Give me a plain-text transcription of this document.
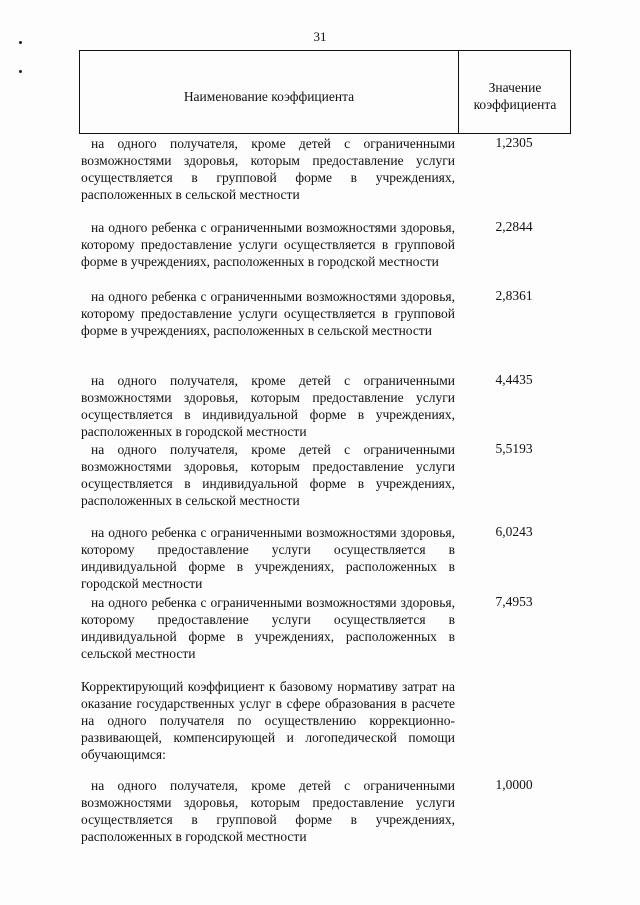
31
Наименование коэффициента
Значение коэффициента
на одного получателя, кроме детей с ограниченными возможностями здоровья, которым предоставление услуги осуществляется в групповой форме в учреждениях, расположенных в сельской местности
1,2305
на одного ребенка с ограниченными возможностями здоровья, которому предоставление услуги осуществляется в групповой форме в учреждениях, расположенных в городской местности
2,2844
на одного ребенка с ограниченными возможностями здоровья, которому предоставление услуги осуществляется в групповой форме в учреждениях, расположенных в сельской местности
2,8361
на одного получателя, кроме детей с ограниченными возможностями здоровья, которым предоставление услуги осуществляется в индивидуальной форме в учреждениях, расположенных в городской местности
4,4435
на одного получателя, кроме детей с ограниченными возможностями здоровья, которым предоставление услуги осуществляется в индивидуальной форме в учреждениях, расположенных в сельской местности
5,5193
на одного ребенка с ограниченными возможностями здоровья, которому предоставление услуги осуществляется в индивидуальной форме в учреждениях, расположенных в городской местности
6,0243
на одного ребенка с ограниченными возможностями здоровья, которому предоставление услуги осуществляется в индивидуальной форме в учреждениях, расположенных в сельской местности
7,4953
Корректирующий коэффициент к базовому нормативу затрат на оказание государственных услуг в сфере образования в расчете на одного получателя по осуществлению коррекционно-развивающей, компенсирующей и логопедической помощи обучающимся:
на одного получателя, кроме детей с ограниченными возможностями здоровья, которым предоставление услуги осуществляется в групповой форме в учреждениях, расположенных в городской местности
1,0000
